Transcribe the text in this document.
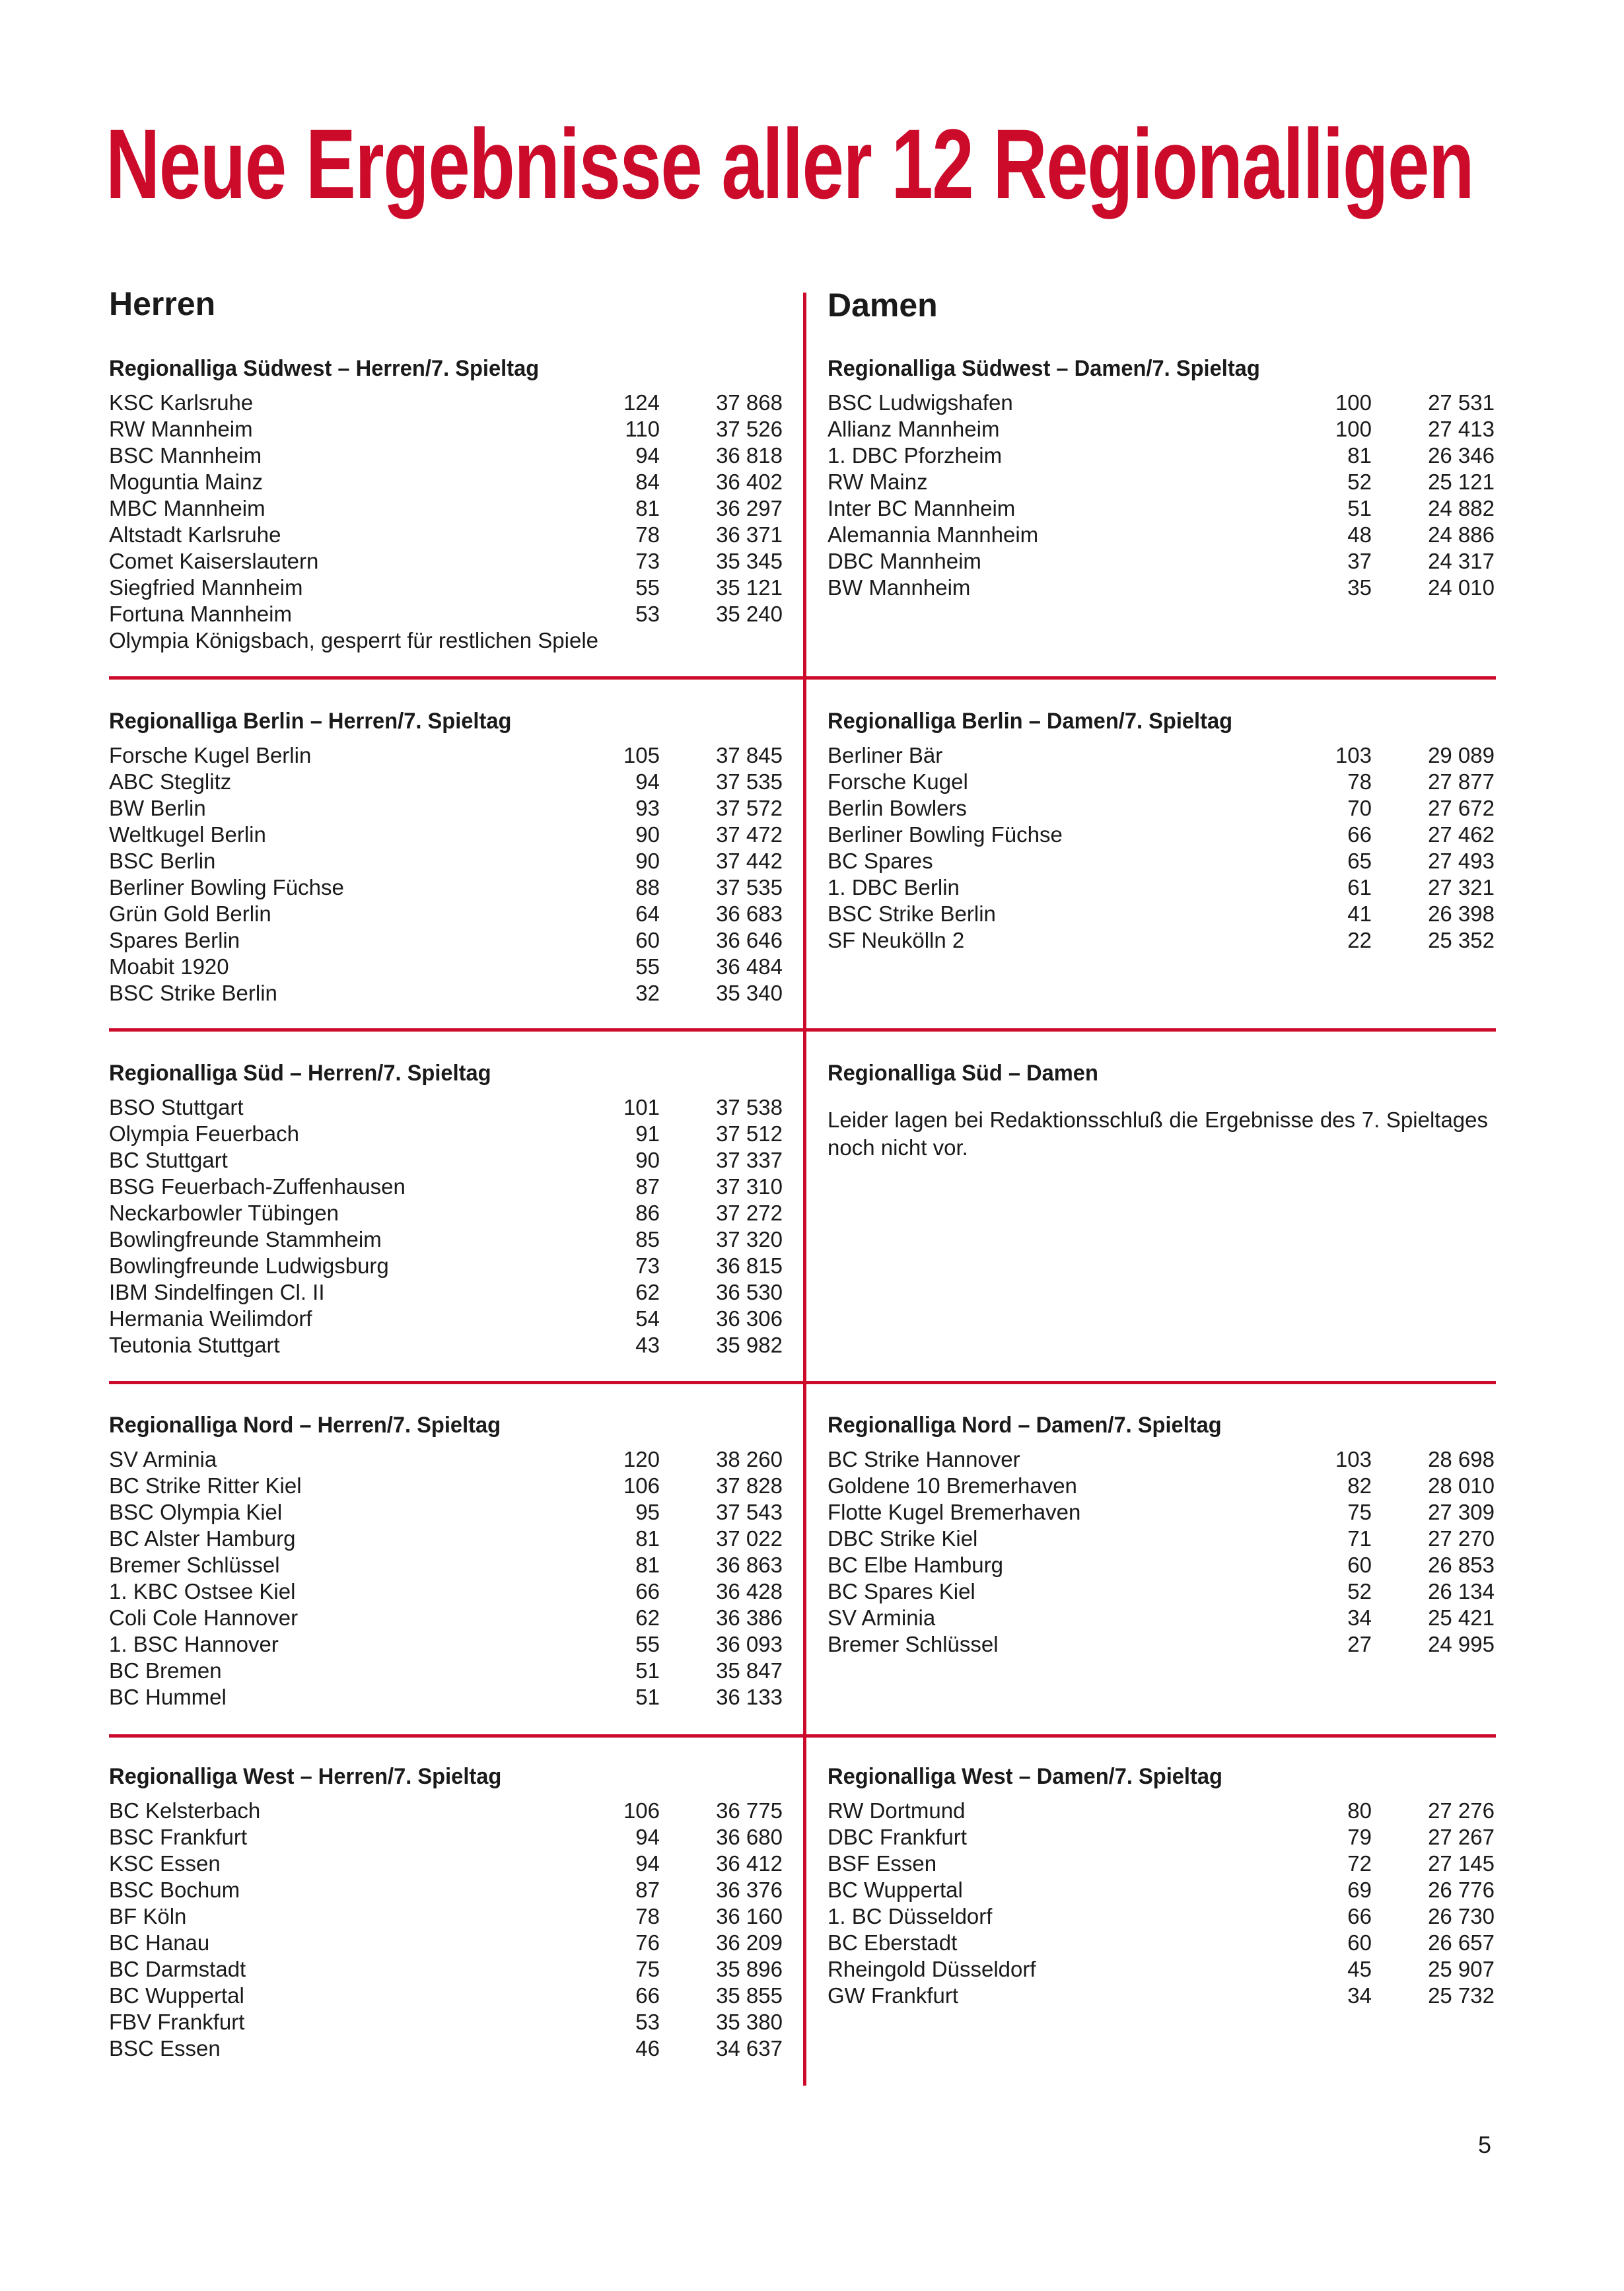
Neue Ergebnisse aller 12 Regionalligen
Herren	Damen
Regionalliga Südwest – Herren/7. Spieltag
KSC Karlsruhe	124	37 868
RW Mannheim	110	37 526
BSC Mannheim	94	36 818
Moguntia Mainz	84	36 402
MBC Mannheim	81	36 297
Altstadt Karlsruhe	78	36 371
Comet Kaiserslautern	73	35 345
Siegfried Mannheim	55	35 121
Fortuna Mannheim	53	35 240
Olympia Königsbach, gesperrt für restlichen Spiele
Regionalliga Berlin – Herren/7. Spieltag
Forsche Kugel Berlin	105	37 845
ABC Steglitz	94	37 535
BW Berlin	93	37 572
Weltkugel Berlin	90	37 472
BSC Berlin	90	37 442
Berliner Bowling Füchse	88	37 535
Grün Gold Berlin	64	36 683
Spares Berlin	60	36 646
Moabit 1920	55	36 484
BSC Strike Berlin	32	35 340
Regionalliga Süd – Herren/7. Spieltag
BSO Stuttgart	101	37 538
Olympia Feuerbach	91	37 512
BC Stuttgart	90	37 337
BSG Feuerbach-Zuffenhausen	87	37 310
Neckarbowler Tübingen	86	37 272
Bowlingfreunde Stammheim	85	37 320
Bowlingfreunde Ludwigsburg	73	36 815
IBM Sindelfingen Cl. II	62	36 530
Hermania Weilimdorf	54	36 306
Teutonia Stuttgart	43	35 982
Regionalliga Nord – Herren/7. Spieltag
SV Arminia	120	38 260
BC Strike Ritter Kiel	106	37 828
BSC Olympia Kiel	95	37 543
BC Alster Hamburg	81	37 022
Bremer Schlüssel	81	36 863
1. KBC Ostsee Kiel	66	36 428
Coli Cole Hannover	62	36 386
1. BSC Hannover	55	36 093
BC Bremen	51	35 847
BC Hummel	51	36 133
Regionalliga West – Herren/7. Spieltag
BC Kelsterbach	106	36 775
BSC Frankfurt	94	36 680
KSC Essen	94	36 412
BSC Bochum	87	36 376
BF Köln	78	36 160
BC Hanau	76	36 209
BC Darmstadt	75	35 896
BC Wuppertal	66	35 855
FBV Frankfurt	53	35 380
BSC Essen	46	34 637
Regionalliga Südwest – Damen/7. Spieltag
BSC Ludwigshafen	100	27 531
Allianz Mannheim	100	27 413
1. DBC Pforzheim	81	26 346
RW Mainz	52	25 121
Inter BC Mannheim	51	24 882
Alemannia Mannheim	48	24 886
DBC Mannheim	37	24 317
BW Mannheim	35	24 010
Regionalliga Berlin – Damen/7. Spieltag
Berliner Bär	103	29 089
Forsche Kugel	78	27 877
Berlin Bowlers	70	27 672
Berliner Bowling Füchse	66	27 462
BC Spares	65	27 493
1. DBC Berlin	61	27 321
BSC Strike Berlin	41	26 398
SF Neukölln 2	22	25 352
Regionalliga Süd – Damen

Leider lagen bei Redaktionsschluß die Ergebnisse des 7. Spieltages noch nicht vor.

Regionalliga Nord – Damen/7. Spieltag
BC Strike Hannover	103	28 698
Goldene 10 Bremerhaven	82	28 010
Flotte Kugel Bremerhaven	75	27 309
DBC Strike Kiel	71	27 270
BC Elbe Hamburg	60	26 853
BC Spares Kiel	52	26 134
SV Arminia	34	25 421
Bremer Schlüssel	27	24 995
Regionalliga West – Damen/7. Spieltag
RW Dortmund	80	27 276
DBC Frankfurt	79	27 267
BSF Essen	72	27 145
BC Wuppertal	69	26 776
1. BC Düsseldorf	66	26 730
BC Eberstadt	60	26 657
Rheingold Düsseldorf	45	25 907
GW Frankfurt	34	25 732
5
